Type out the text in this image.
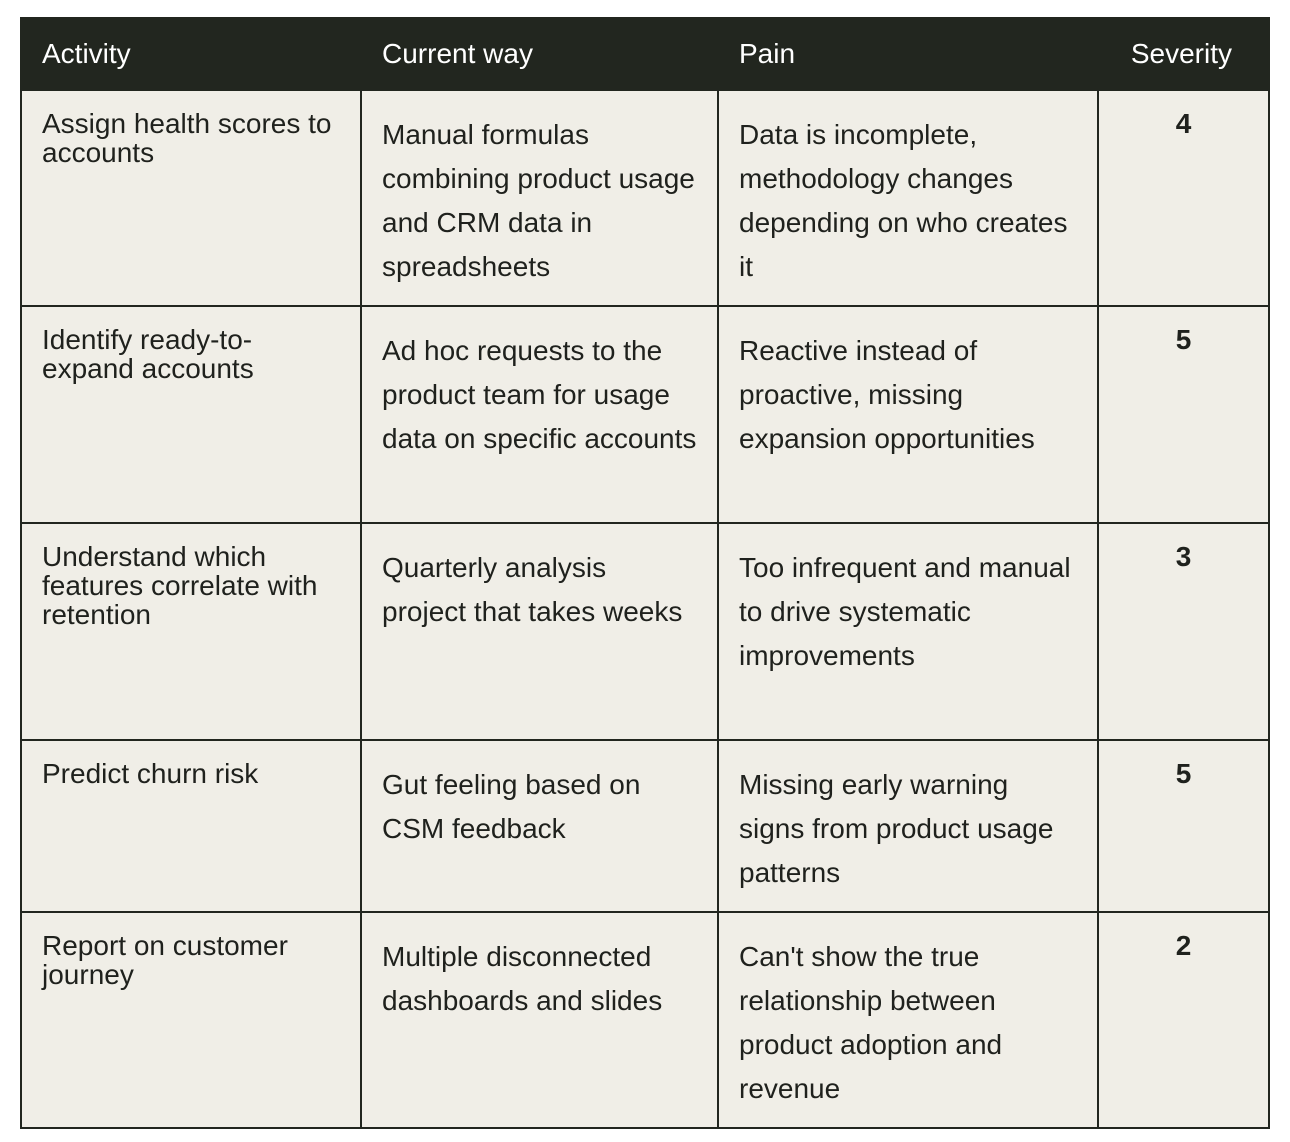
Activity	Current way	Pain	Severity

Assign health scores to accounts	Manual formulas combining product usage and CRM data in spreadsheets	Data is incomplete, methodology changes depending on who creates it	4

Identify ready-to-expand accounts	Ad hoc requests to the product team for usage data on specific accounts	Reactive instead of proactive, missing expansion opportunities	5

Understand which features correlate with retention	Quarterly analysis project that takes weeks	Too infrequent and manual to drive systematic improvements	3

Predict churn risk	Gut feeling based on CSM feedback	Missing early warning signs from product usage patterns	5

Report on customer journey	Multiple disconnected dashboards and slides	Can't show the true relationship between product adoption and revenue	2
